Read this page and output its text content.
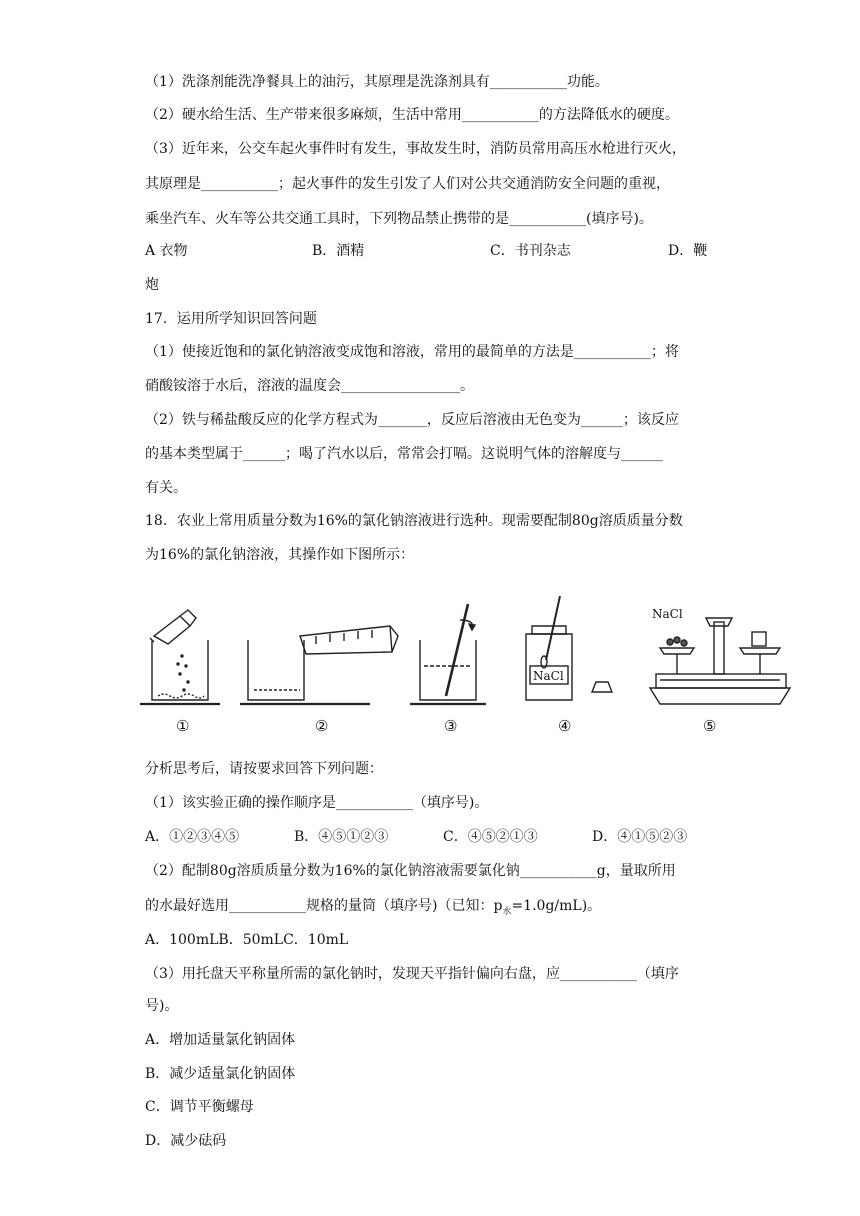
（1）洗涤剂能洗净餐具上的油污，其原理是洗涤剂具有___________功能。
（2）硬水给生活、生产带来很多麻烦，生活中常用___________的方法降低水的硬度。
（3）近年来，公交车起火事件时有发生，事故发生时，消防员常用高压水枪进行灭火，
其原理是___________；起火事件的发生引发了人们对公共交通消防安全问题的重视，
乘坐汽车、火车等公共交通工具时，下列物品禁止携带的是___________(填序号)。
A 衣物	B．酒精	C．书刊杂志	D．鞭
炮
17．运用所学知识回答问题
（1）使接近饱和的氯化钠溶液变成饱和溶液，常用的最简单的方法是___________；将
硝酸铵溶于水后，溶液的温度会_________________。
（2）铁与稀盐酸反应的化学方程式为_______，反应后溶液由无色变为______；该反应
的基本类型属于______；喝了汽水以后，常常会打嗝。这说明气体的溶解度与______
有关。
18．农业上常用质量分数为16%的氯化钠溶液进行选种。现需要配制80g溶质质量分数
为16%的氯化钠溶液，其操作如下图所示：
NaCl
NaCl
①	②	③	④	⑤
分析思考后，请按要求回答下列问题：
（1）该实验正确的操作顺序是___________（填序号)。
A．①②③④⑤	B．④⑤①②③	C．④⑤②①③	D．④①⑤②③
（2）配制80g溶质质量分数为16%的氯化钠溶液需要氯化钠___________g，量取所用
的水最好选用___________规格的量筒（填序号)（已知：$p_水=1.0g/mL$)。
A．100mLB．50mLC．10mL
（3）用托盘天平称量所需的氯化钠时，发现天平指针偏向右盘，应___________（填序
号)。
A．增加适量氯化钠固体
B．减少适量氯化钠固体
C．调节平衡螺母
D．减少砝码
